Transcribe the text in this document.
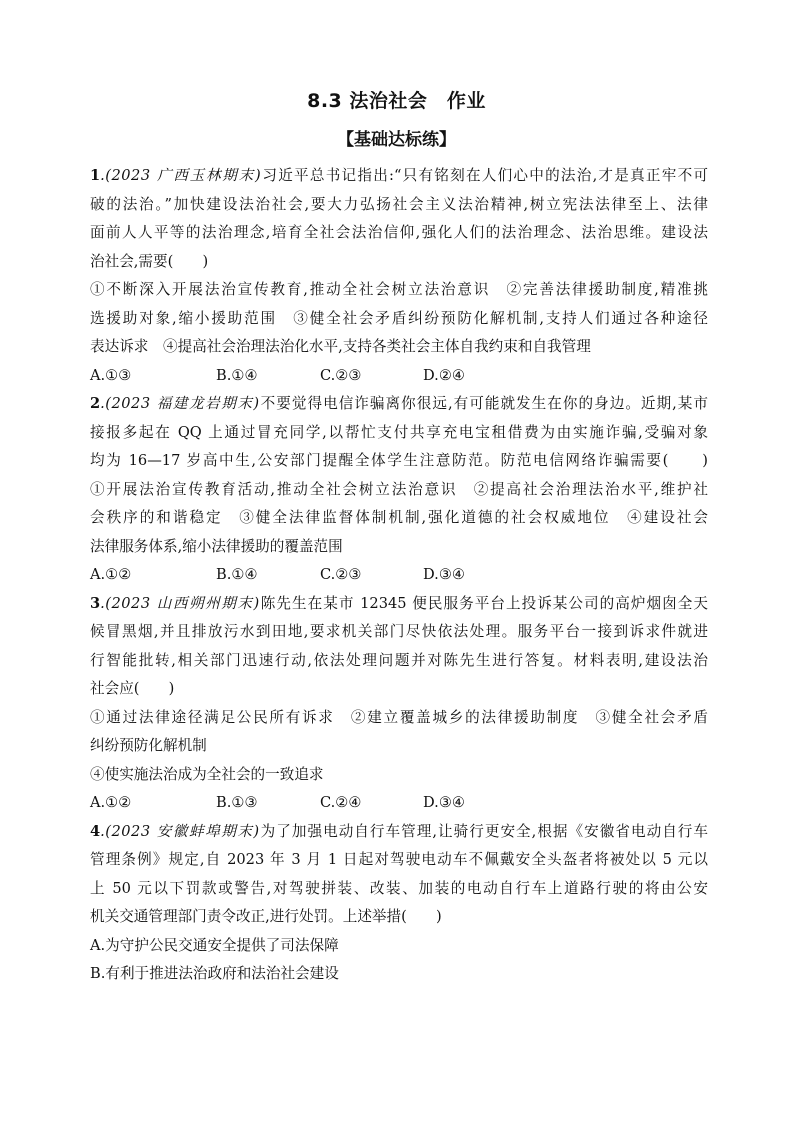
8.3 法治社会　作业
【基础达标练】
1.(2023 广西玉林期末)习近平总书记指出:“只有铭刻在人们心中的法治,才是真正牢不可
破的法治。”加快建设法治社会,要大力弘扬社会主义法治精神,树立宪法法律至上、法律
面前人人平等的法治理念,培育全社会法治信仰,强化人们的法治理念、法治思维。建设法
治社会,需要(　　)
①不断深入开展法治宣传教育,推动全社会树立法治意识　②完善法律援助制度,精准挑
选援助对象,缩小援助范围　③健全社会矛盾纠纷预防化解机制,支持人们通过各种途径
表达诉求　④提高社会治理法治化水平,支持各类社会主体自我约束和自我管理
A.①③	B.①④	C.②③	D.②④
2.(2023 福建龙岩期末)不要觉得电信诈骗离你很远,有可能就发生在你的身边。近期,某市
接报多起在 QQ 上通过冒充同学,以帮忙支付共享充电宝租借费为由实施诈骗,受骗对象
均为 16—17 岁高中生,公安部门提醒全体学生注意防范。防范电信网络诈骗需要(　　)
①开展法治宣传教育活动,推动全社会树立法治意识　②提高社会治理法治水平,维护社
会秩序的和谐稳定　③健全法律监督体制机制,强化道德的社会权威地位　④建设社会
法律服务体系,缩小法律援助的覆盖范围
A.①②	B.①④	C.②③	D.③④
3.(2023 山西朔州期末)陈先生在某市 12345 便民服务平台上投诉某公司的高炉烟囱全天
候冒黑烟,并且排放污水到田地,要求机关部门尽快依法处理。服务平台一接到诉求件就进
行智能批转,相关部门迅速行动,依法处理问题并对陈先生进行答复。材料表明,建设法治
社会应(　　)
①通过法律途径满足公民所有诉求　②建立覆盖城乡的法律援助制度　③健全社会矛盾
纠纷预防化解机制
④使实施法治成为全社会的一致追求
A.①②	B.①③	C.②④	D.③④
4.(2023 安徽蚌埠期末)为了加强电动自行车管理,让骑行更安全,根据《安徽省电动自行车
管理条例》规定,自 2023 年 3 月 1 日起对驾驶电动车不佩戴安全头盔者将被处以 5 元以
上 50 元以下罚款或警告,对驾驶拼装、改装、加装的电动自行车上道路行驶的将由公安
机关交通管理部门责令改正,进行处罚。上述举措(　　)
A.为守护公民交通安全提供了司法保障
B.有利于推进法治政府和法治社会建设
